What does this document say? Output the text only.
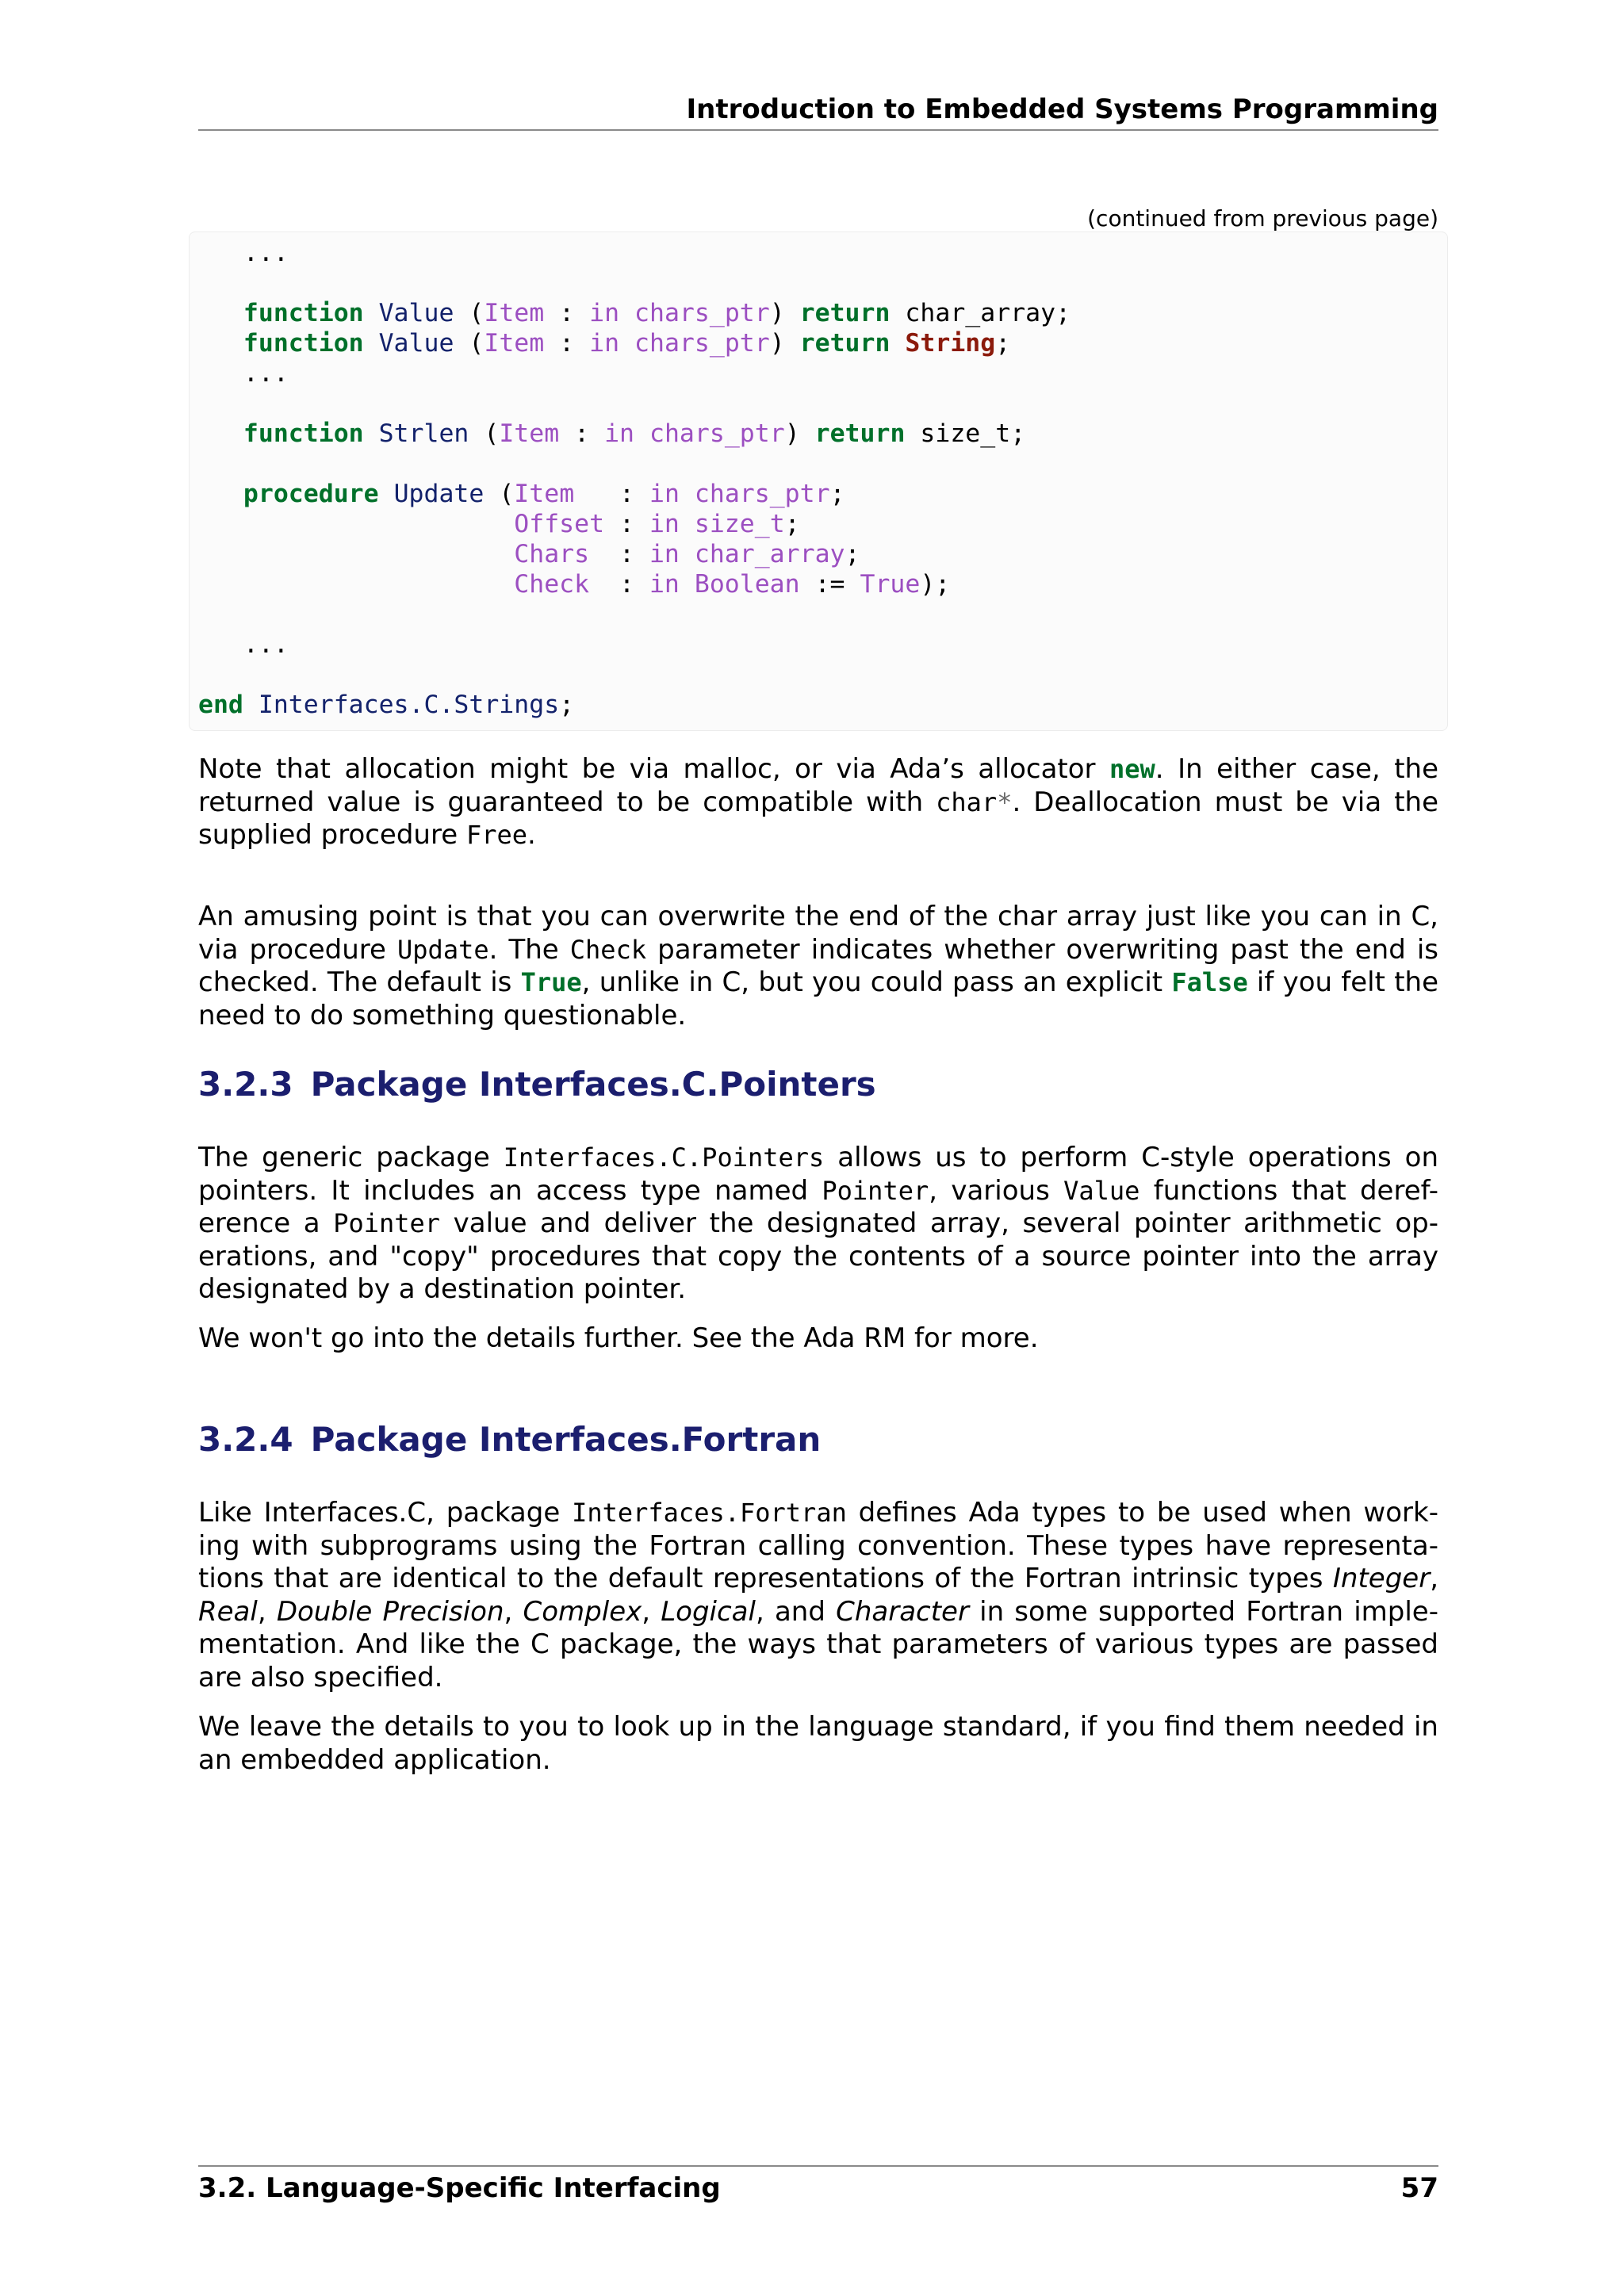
Introduction to Embedded Systems Programming
(continued from previous page)
...

function Value (Item : in chars_ptr) return char_array;
function Value (Item : in chars_ptr) return String;
...

function Strlen (Item : in chars_ptr) return size_t;

procedure Update (Item   : in chars_ptr;
Offset : in size_t;
Chars  : in char_array;
Check  : in Boolean := True);

...

end Interfaces.C.Strings;

Note that allocation might be via malloc, or via Ada’s allocator new. In either case, the returned value is guaranteed to be compatible with char*. Deallocation must be via the supplied procedure Free.

An amusing point is that you can overwrite the end of the char array just like you can in C, via procedure Update. The Check parameter indicates whether overwriting past the end is checked. The default is True, unlike in C, but you could pass an explicit False if you felt the need to do something questionable.

3.2.3 Package Interfaces.C.Pointers

The generic package Interfaces.C.Pointers allows us to perform C-style operations on pointers. It includes an access type named Pointer, various Value functions that deref- erence a Pointer value and deliver the designated array, several pointer arithmetic op- erations, and "copy" procedures that copy the contents of a source pointer into the array designated by a destination pointer.

We won't go into the details further. See the Ada RM for more.

3.2.4 Package Interfaces.Fortran

Like Interfaces.C, package Interfaces.Fortran defines Ada types to be used when work- ing with subprograms using the Fortran calling convention. These types have representa- tions that are identical to the default representations of the Fortran intrinsic types Integer, Real, Double Precision, Complex, Logical, and Character in some supported Fortran imple- mentation. And like the C package, the ways that parameters of various types are passed are also specified.

We leave the details to you to look up in the language standard, if you find them needed in an embedded application.

3.2. Language-Specific Interfacing	57
